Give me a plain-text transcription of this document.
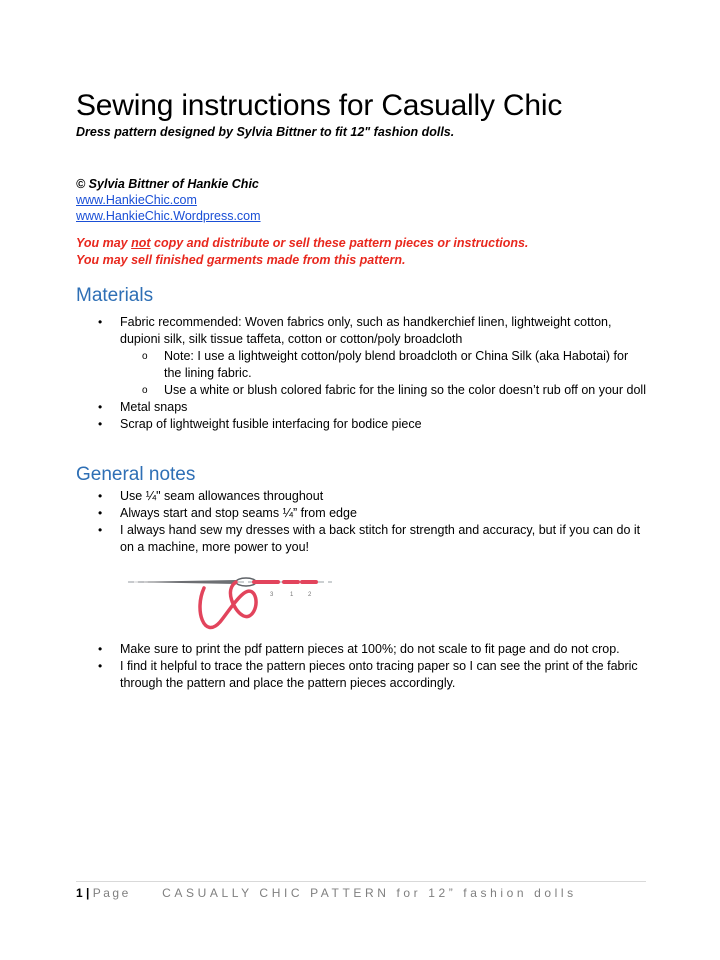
Sewing instructions for Casually Chic

Dress pattern designed by Sylvia Bittner to fit 12" fashion dolls.

© Sylvia Bittner of Hankie Chic

www.HankieChic.com
www.HankieChic.Wordpress.com

You may not copy and distribute or sell these pattern pieces or instructions.

You may sell finished garments made from this pattern.

Materials
• Fabric recommended: Woven fabrics only, such as handkerchief linen, lightweight cotton, dupioni silk, silk tissue taffeta, cotton or cotton/poly broadcloth
o Note: I use a lightweight cotton/poly blend broadcloth or China Silk (aka Habotai) for the lining fabric.
o Use a white or blush colored fabric for the lining so the color doesn’t rub off on your doll
• Metal snaps
• Scrap of lightweight fusible interfacing for bodice piece
General notes
• Use ¼" seam allowances throughout
• Always start and stop seams ¼” from edge
• I always hand sew my dresses with a back stitch for strength and accuracy, but if you can do it on a machine, more power to you!
3	1 2
• Make sure to print the pdf pattern pieces at 100%; do not scale to fit page and do not crop.
• I find it helpful to trace the pattern pieces onto tracing paper so I can see the print of the fabric through the pattern and place the pattern pieces accordingly.

1 | Page	CASUALLY CHIC PATTERN for 12” fashion dolls
